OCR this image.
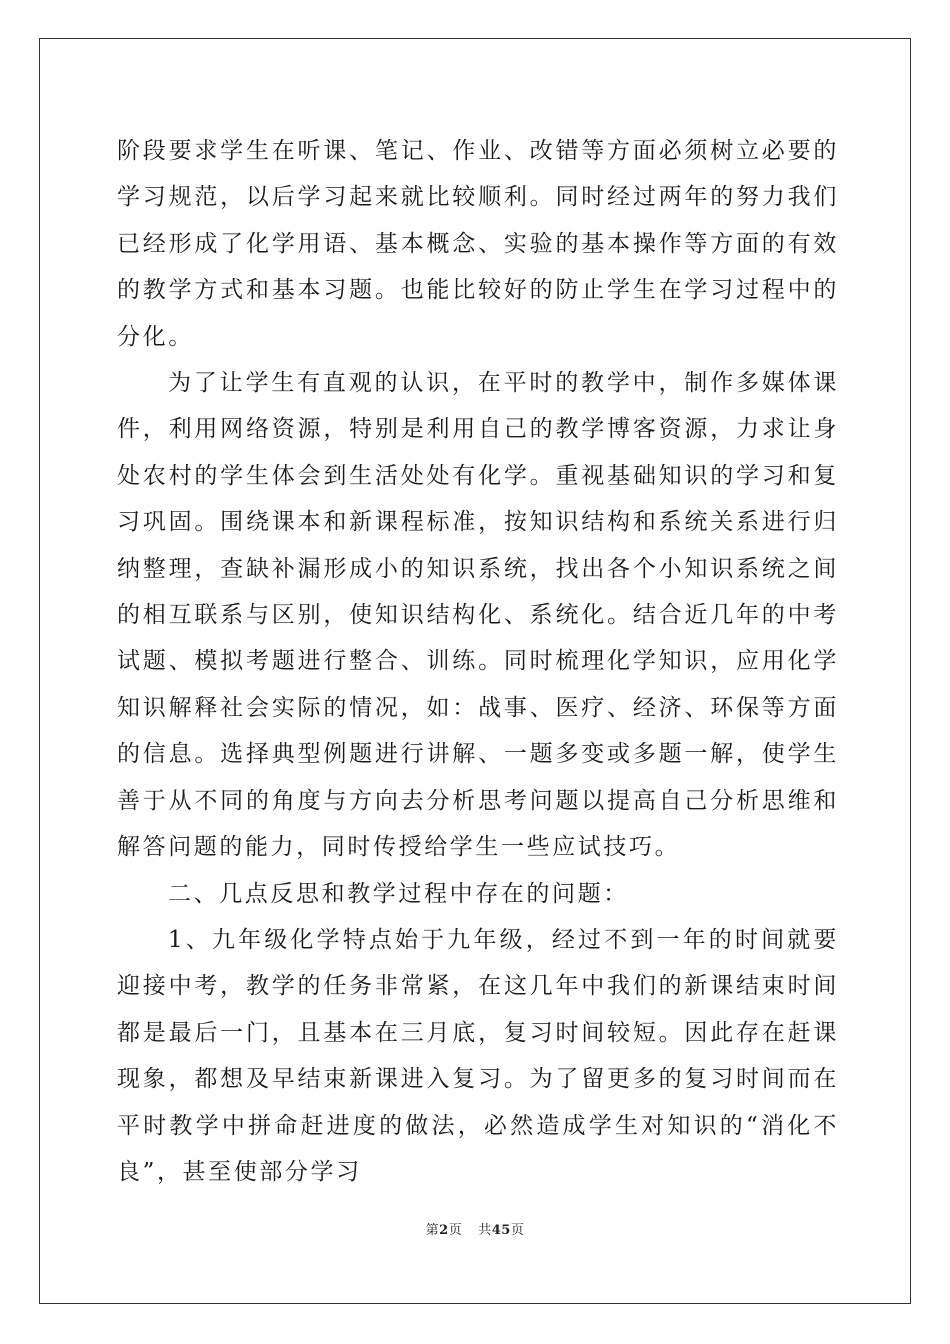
阶段要求学生在听课、笔记、作业、改错等方面必须树立必要的学习规范，以后学习起来就比较顺利。同时经过两年的努力我们已经形成了化学用语、基本概念、实验的基本操作等方面的有效的教学方式和基本习题。也能比较好的防止学生在学习过程中的分化。

为了让学生有直观的认识，在平时的教学中，制作多媒体课件，利用网络资源，特别是利用自己的教学博客资源，力求让身处农村的学生体会到生活处处有化学。重视基础知识的学习和复习巩固。围绕课本和新课程标准，按知识结构和系统关系进行归纳整理，查缺补漏形成小的知识系统，找出各个小知识系统之间的相互联系与区别，使知识结构化、系统化。结合近几年的中考试题、模拟考题进行整合、训练。同时梳理化学知识，应用化学知识解释社会实际的情况，如：战事、医疗、经济、环保等方面的信息。选择典型例题进行讲解、一题多变或多题一解，使学生善于从不同的角度与方向去分析思考问题以提高自己分析思维和解答问题的能力，同时传授给学生一些应试技巧。

二、几点反思和教学过程中存在的问题：

1、九年级化学特点始于九年级，经过不到一年的时间就要迎接中考，教学的任务非常紧，在这几年中我们的新课结束时间都是最后一门，且基本在三月底，复习时间较短。因此存在赶课现象，都想及早结束新课进入复习。为了留更多的复习时间而在平时教学中拼命赶进度的做法，必然造成学生对知识的“消化不良”，甚至使部分学习

第2页 共45页
